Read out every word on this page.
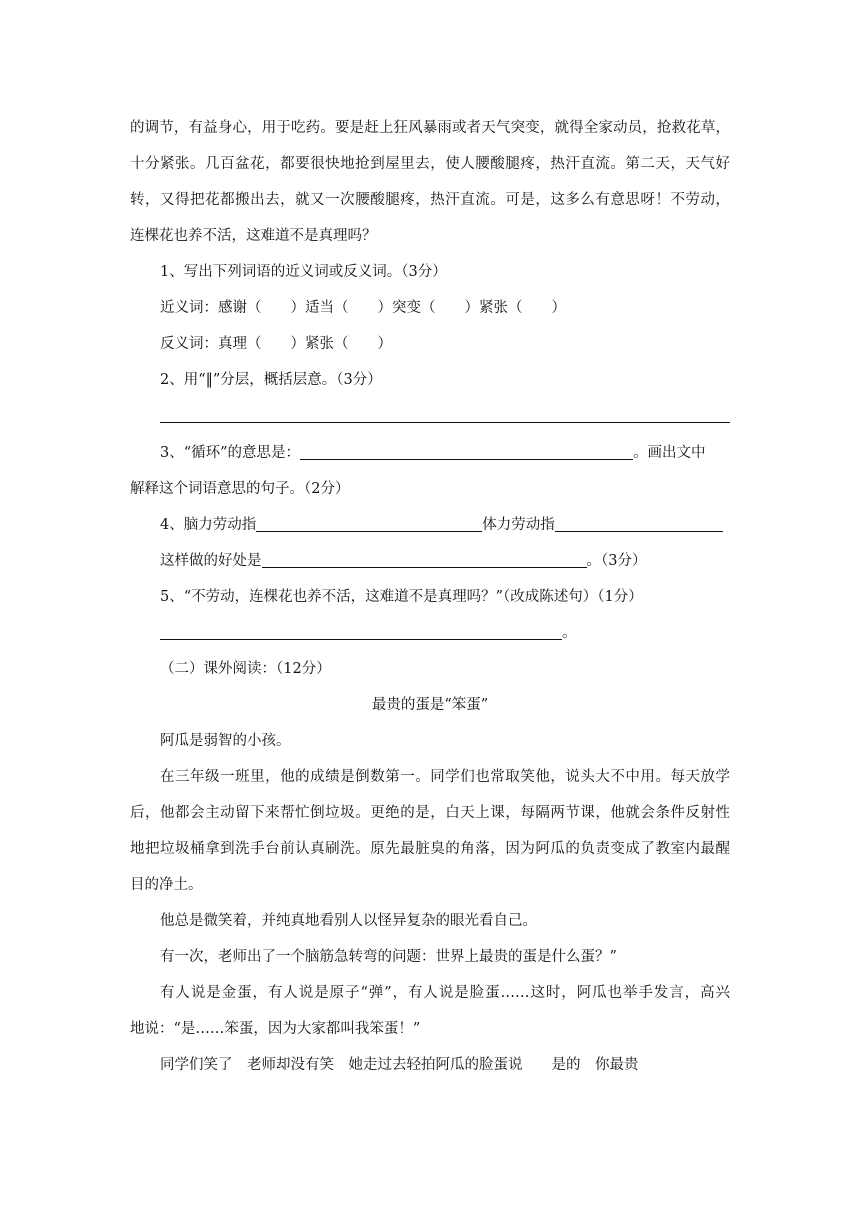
的调节，有益身心，用于吃药。要是赶上狂风暴雨或者天气突变，就得全家动员，抢救花草，
十分紧张。几百盆花，都要很快地抢到屋里去，使人腰酸腿疼，热汗直流。第二天，天气好
转，又得把花都搬出去，就又一次腰酸腿疼，热汗直流。可是，这多么有意思呀！不劳动，
连棵花也养不活，这难道不是真理吗？
1、写出下列词语的近义词或反义词。（3分）
近义词：感谢（　　）适当（　　）突变（　　）紧张（　　）
反义词：真理（　　）紧张（　　）
2、用“‖”分层，概括层意。（3分）
3、“循环”的意思是：	。画出文中
解释这个词语意思的句子。（2分）
4、脑力劳动指	体力劳动指
这样做的好处是	。（3分）
5、“不劳动，连棵花也养不活，这难道不是真理吗？”（改成陈述句）（1分）
。
（二）课外阅读：（12分）
最贵的蛋是“笨蛋”
阿瓜是弱智的小孩。
在三年级一班里，他的成绩是倒数第一。同学们也常取笑他，说头大不中用。每天放学
后，他都会主动留下来帮忙倒垃圾。更绝的是，白天上课，每隔两节课，他就会条件反射性
地把垃圾桶拿到洗手台前认真刷洗。原先最脏臭的角落，因为阿瓜的负责变成了教室内最醒
目的净土。
他总是微笑着，并纯真地看别人以怪异复杂的眼光看自己。
有一次，老师出了一个脑筋急转弯的问题：世界上最贵的蛋是什么蛋？”
有人说是金蛋，有人说是原子“弹”，有人说是脸蛋……这时，阿瓜也举手发言，高兴
地说：“是……笨蛋，因为大家都叫我笨蛋！”
同学们笑了　老师却没有笑　她走过去轻拍阿瓜的脸蛋说　　是的　你最贵
